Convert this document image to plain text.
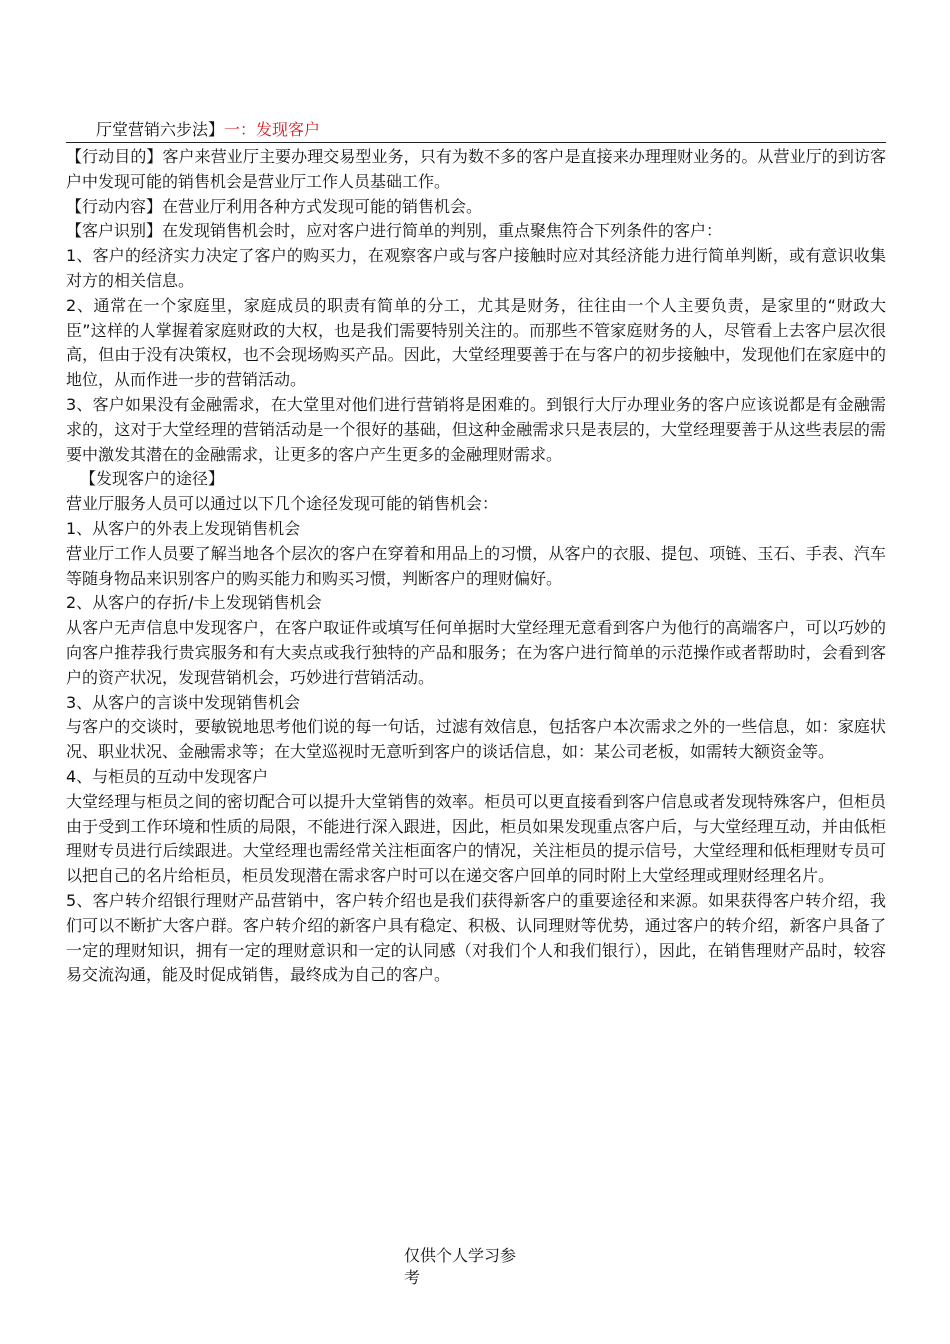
厅堂营销六步法】一：发现客户

【行动目的】客户来营业厅主要办理交易型业务，只有为数不多的客户是直接来办理理财业务的。从营业厅的到访客户中发现可能的销售机会是营业厅工作人员基础工作。

【行动内容】在营业厅利用各种方式发现可能的销售机会。

【客户识别】在发现销售机会时，应对客户进行简单的判别，重点聚焦符合下列条件的客户：

1、客户的经济实力决定了客户的购买力，在观察客户或与客户接触时应对其经济能力进行简单判断，或有意识收集对方的相关信息。

2、通常在一个家庭里，家庭成员的职责有简单的分工，尤其是财务，往往由一个人主要负责，是家里的“财政大臣”这样的人掌握着家庭财政的大权，也是我们需要特别关注的。而那些不管家庭财务的人，尽管看上去客户层次很高，但由于没有决策权，也不会现场购买产品。因此，大堂经理要善于在与客户的初步接触中，发现他们在家庭中的地位，从而作进一步的营销活动。

3、客户如果没有金融需求，在大堂里对他们进行营销将是困难的。到银行大厅办理业务的客户应该说都是有金融需求的，这对于大堂经理的营销活动是一个很好的基础，但这种金融需求只是表层的，大堂经理要善于从这些表层的需要中激发其潜在的金融需求，让更多的客户产生更多的金融理财需求。

【发现客户的途径】

营业厅服务人员可以通过以下几个途径发现可能的销售机会：

1、从客户的外表上发现销售机会

营业厅工作人员要了解当地各个层次的客户在穿着和用品上的习惯，从客户的衣服、提包、项链、玉石、手表、汽车等随身物品来识别客户的购买能力和购买习惯，判断客户的理财偏好。

2、从客户的存折/卡上发现销售机会

从客户无声信息中发现客户，在客户取证件或填写任何单据时大堂经理无意看到客户为他行的高端客户，可以巧妙的向客户推荐我行贵宾服务和有大卖点或我行独特的产品和服务；在为客户进行简单的示范操作或者帮助时，会看到客户的资产状况，发现营销机会，巧妙进行营销活动。

3、从客户的言谈中发现销售机会

与客户的交谈时，要敏锐地思考他们说的每一句话，过滤有效信息，包括客户本次需求之外的一些信息，如：家庭状况、职业状况、金融需求等；在大堂巡视时无意听到客户的谈话信息，如：某公司老板，如需转大额资金等。

4、与柜员的互动中发现客户

大堂经理与柜员之间的密切配合可以提升大堂销售的效率。柜员可以更直接看到客户信息或者发现特殊客户，但柜员由于受到工作环境和性质的局限，不能进行深入跟进，因此，柜员如果发现重点客户后，与大堂经理互动，并由低柜理财专员进行后续跟进。大堂经理也需经常关注柜面客户的情况，关注柜员的提示信号，大堂经理和低柜理财专员可以把自己的名片给柜员，柜员发现潜在需求客户时可以在递交客户回单的同时附上大堂经理或理财经理名片。

5、客户转介绍银行理财产品营销中，客户转介绍也是我们获得新客户的重要途径和来源。如果获得客户转介绍，我们可以不断扩大客户群。客户转介绍的新客户具有稳定、积极、认同理财等优势，通过客户的转介绍，新客户具备了一定的理财知识，拥有一定的理财意识和一定的认同感（对我们个人和我们银行），因此，在销售理财产品时，较容易交流沟通，能及时促成销售，最终成为自己的客户。

仅供个人学习参
考
